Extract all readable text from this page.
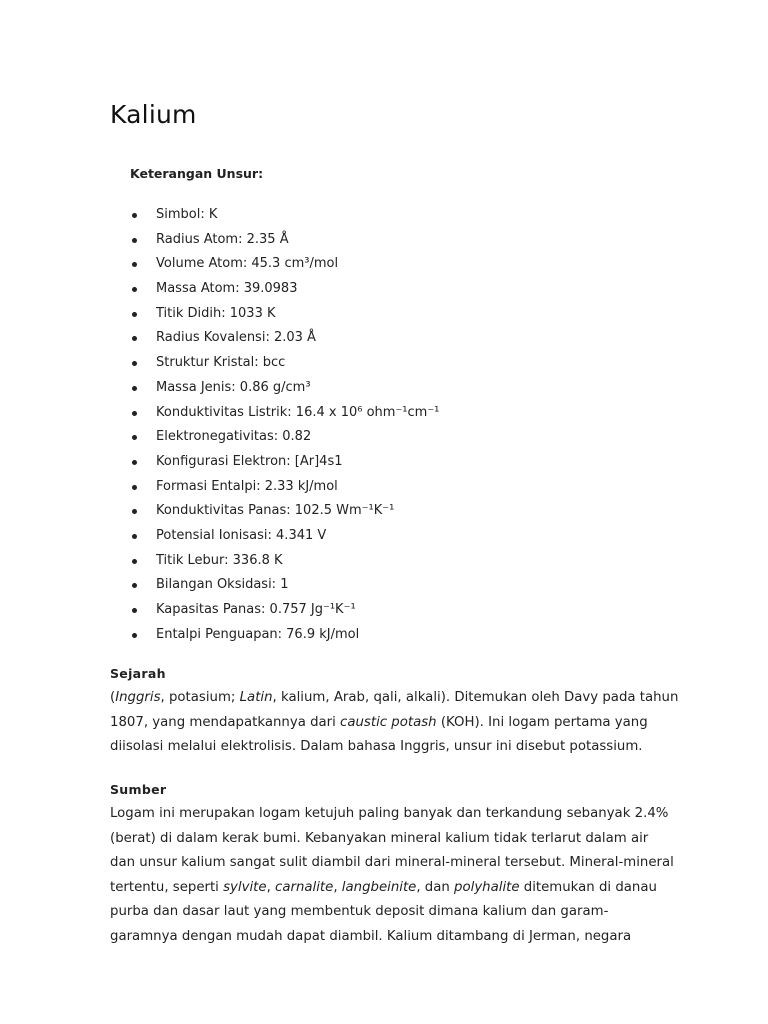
Kalium
Keterangan Unsur:
Simbol: K
Radius Atom: 2.35 Å
Volume Atom: 45.3 cm³/mol
Massa Atom: 39.0983
Titik Didih: 1033 K
Radius Kovalensi: 2.03 Å
Struktur Kristal: bcc
Massa Jenis: 0.86 g/cm³
Konduktivitas Listrik: 16.4 x 10⁶ ohm⁻¹cm⁻¹
Elektronegativitas: 0.82
Konfigurasi Elektron: [Ar]4s1
Formasi Entalpi: 2.33 kJ/mol
Konduktivitas Panas: 102.5 Wm⁻¹K⁻¹
Potensial Ionisasi: 4.341 V
Titik Lebur: 336.8 K
Bilangan Oksidasi: 1
Kapasitas Panas: 0.757 Jg⁻¹K⁻¹
Entalpi Penguapan: 76.9 kJ/mol
Sejarah

(Inggris, potasium; Latin, kalium, Arab, qali, alkali). Ditemukan oleh Davy pada tahun
1807, yang mendapatkannya dari caustic potash (KOH). Ini logam pertama yang
diisolasi melalui elektrolisis. Dalam bahasa Inggris, unsur ini disebut potassium.

Sumber

Logam ini merupakan logam ketujuh paling banyak dan terkandung sebanyak 2.4%
(berat) di dalam kerak bumi. Kebanyakan mineral kalium tidak terlarut dalam air
dan unsur kalium sangat sulit diambil dari mineral-mineral tersebut. Mineral-mineral
tertentu, seperti sylvite, carnalite, langbeinite, dan polyhalite ditemukan di danau
purba dan dasar laut yang membentuk deposit dimana kalium dan garam-
garamnya dengan mudah dapat diambil. Kalium ditambang di Jerman, negara
